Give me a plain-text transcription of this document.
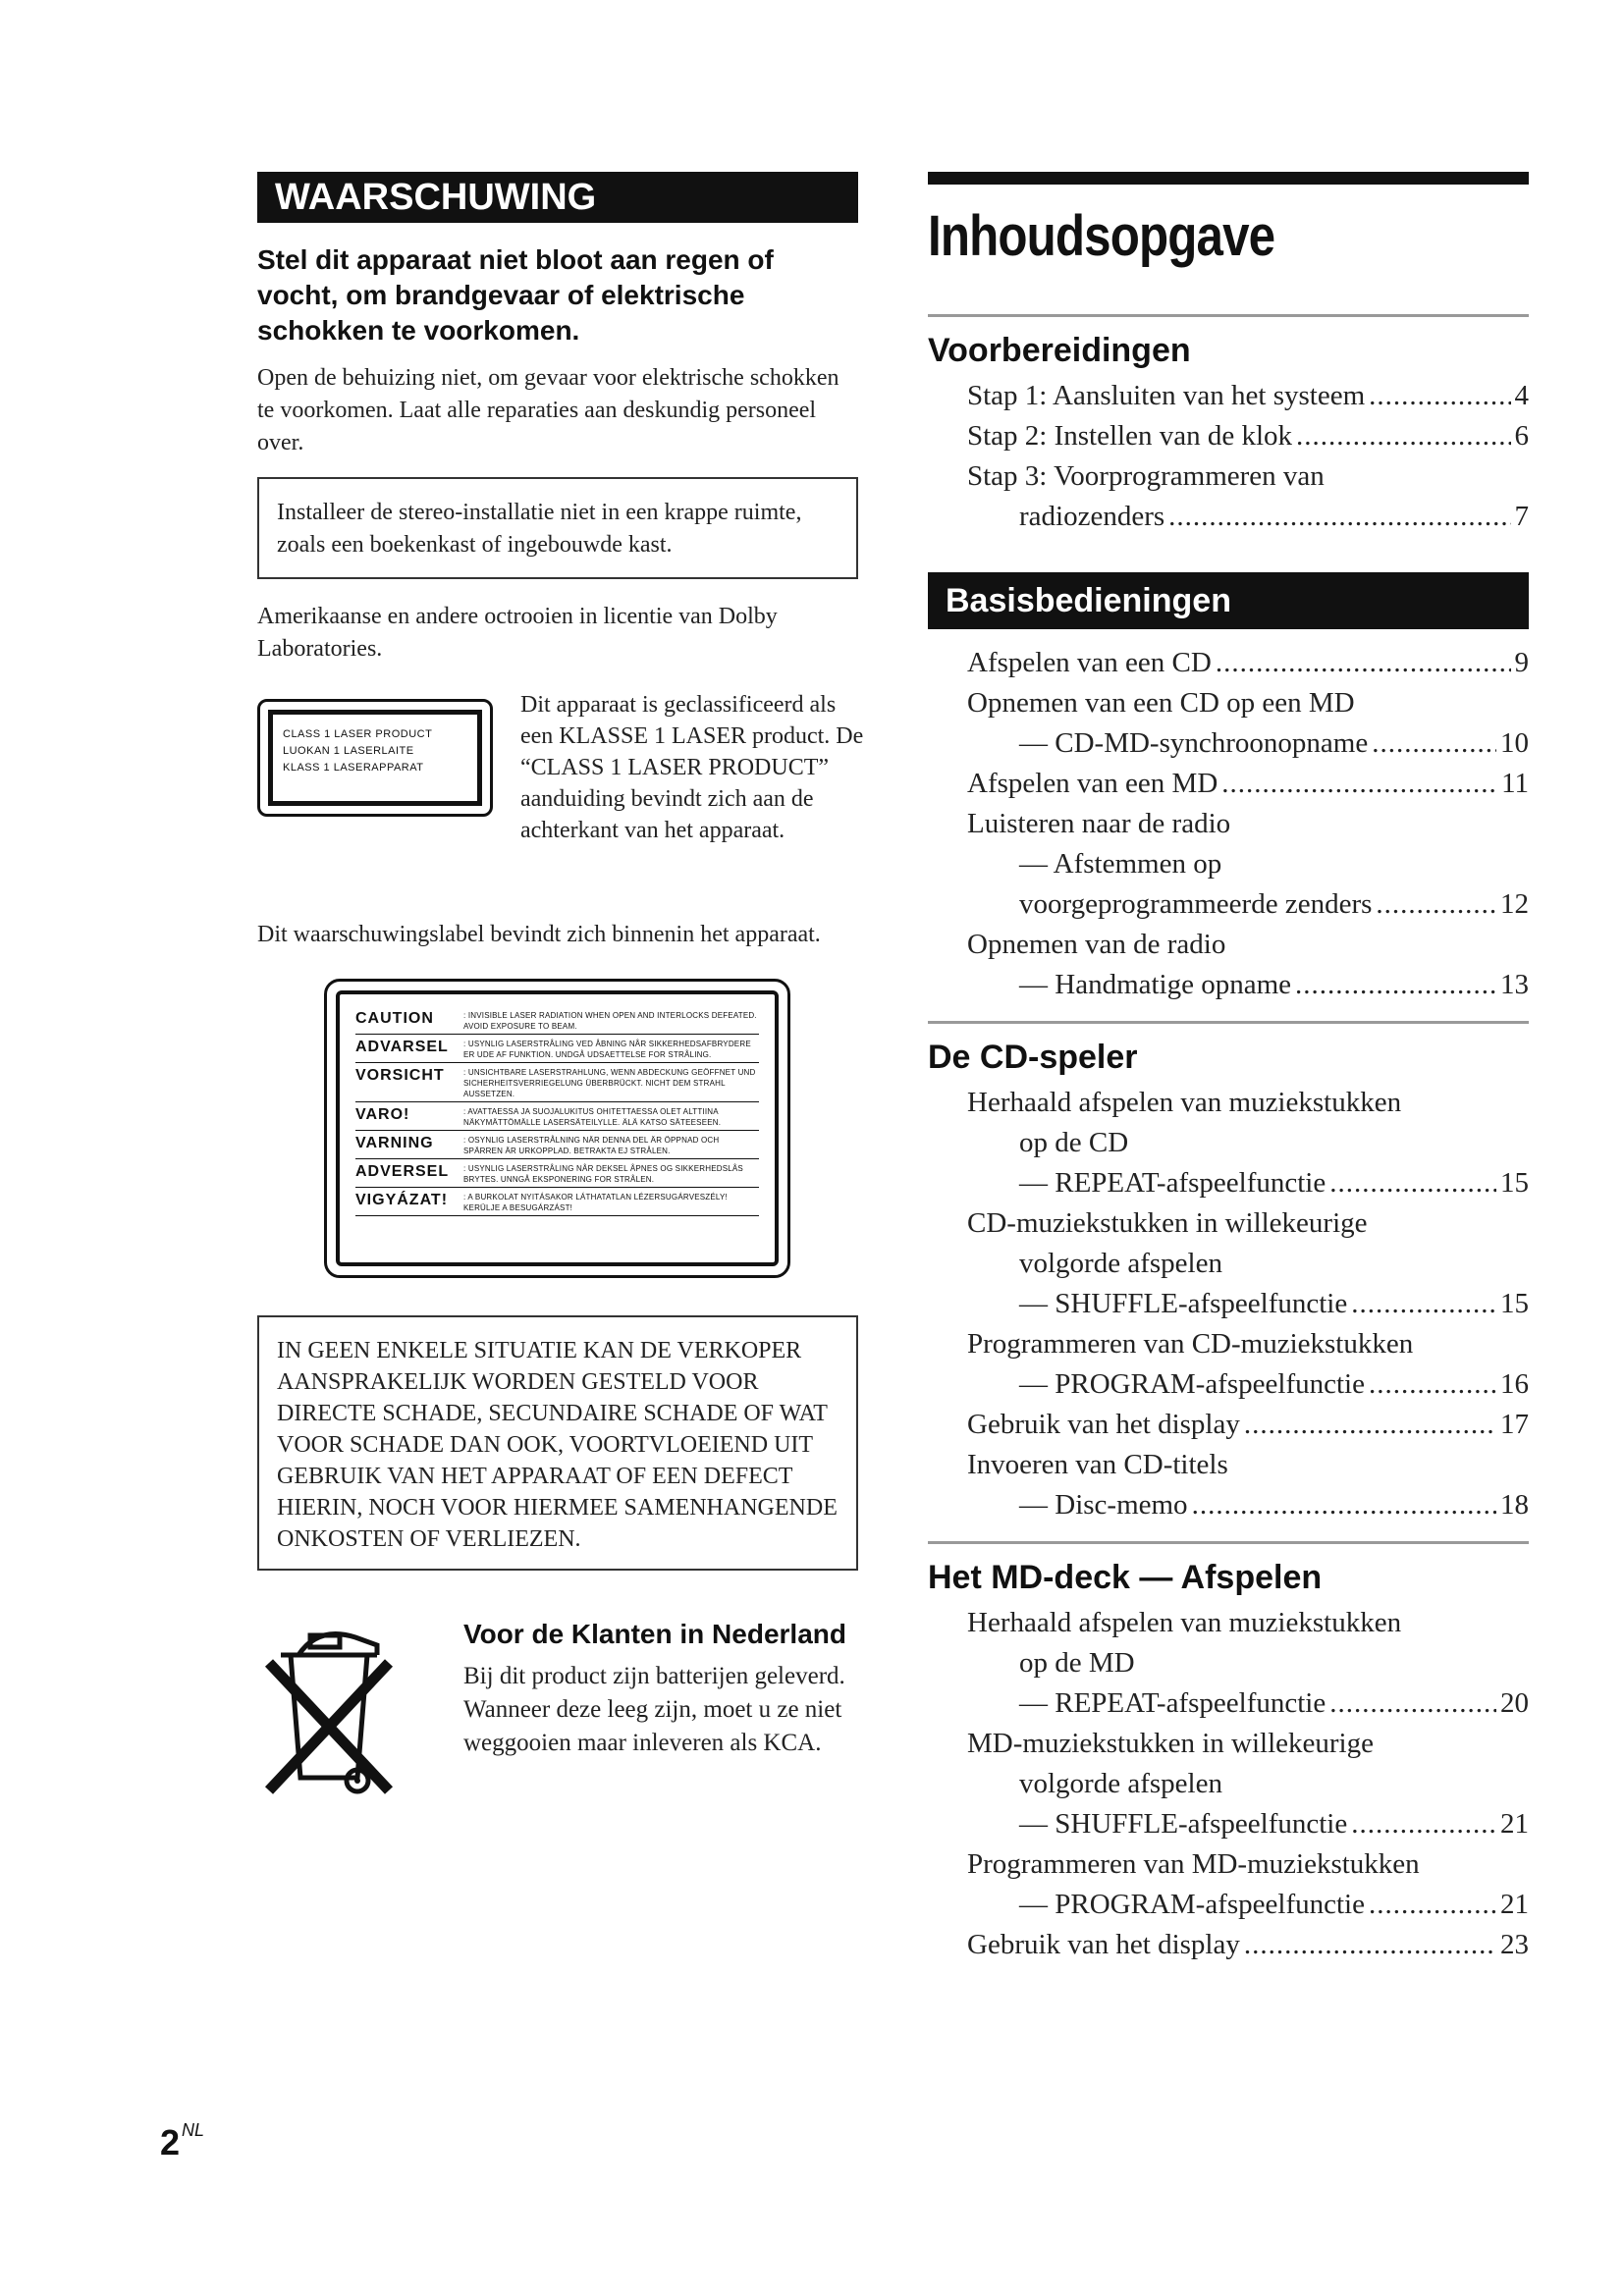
WAARSCHUWING
Stel dit apparaat niet bloot aan regen of vocht, om brandgevaar of elektrische schokken te voorkomen.

Open de behuizing niet, om gevaar voor elektrische schokken te voorkomen. Laat alle reparaties aan deskundig personeel over.

Installeer de stereo-installatie niet in een krappe ruimte, zoals een boekenkast of ingebouwde kast.

Amerikaanse en andere octrooien in licentie van Dolby Laboratories.

CLASS 1 LASER PRODUCT
LUOKAN 1 LASERLAITE
KLASS 1 LASERAPPARAT

Dit apparaat is geclassificeerd als een KLASSE 1 LASER product. De “CLASS 1 LASER PRODUCT” aanduiding bevindt zich aan de achterkant van het apparaat.

Dit waarschuwingslabel bevindt zich binnenin het apparaat.

CAUTION	: INVISIBLE LASER RADIATION WHEN OPEN AND INTERLOCKS DEFEATED. AVOID EXPOSURE TO BEAM.
ADVARSEL	: USYNLIG LASERSTRÅLING VED ÅBNING NÅR SIKKERHEDSAFBRYDERE ER UDE AF FUNKTION. UNDGÅ UDSAETTELSE FOR STRÅLING.
VORSICHT	: UNSICHTBARE LASERSTRAHLUNG, WENN ABDECKUNG GEÖFFNET UND SICHERHEITSVERRIEGELUNG ÜBERBRÜCKT. NICHT DEM STRAHL AUSSETZEN.
VARO!	: AVATTAESSA JA SUOJALUKITUS OHITETTAESSA OLET ALTTIINA NÄKYMÄTTÖMÄLLE LASERSÄTEILYLLE. ÄLÄ KATSO SÄTEESEEN.
VARNING	: OSYNLIG LASERSTRÅLNING NÄR DENNA DEL ÄR ÖPPNAD OCH SPÄRREN ÄR URKOPPLAD. BETRAKTA EJ STRÅLEN.
ADVERSEL	: USYNLIG LASERSTRÅLING NÅR DEKSEL ÅPNES OG SIKKERHEDSLÅS BRYTES. UNNGÅ EKSPONERING FOR STRÅLEN.
VIGYÁZAT!	: A BURKOLAT NYITÁSAKOR LÁTHATATLAN LÉZERSUGÁRVESZÉLY! KERÜLJE A BESUGÁRZÁST!

IN GEEN ENKELE SITUATIE KAN DE VERKOPER AANSPRAKELIJK WORDEN GESTELD VOOR DIRECTE SCHADE, SECUNDAIRE SCHADE OF WAT VOOR SCHADE DAN OOK, VOORTVLOEIEND UIT GEBRUIK VAN HET APPARAAT OF EEN DEFECT HIERIN, NOCH VOOR HIERMEE SAMENHANGENDE ONKOSTEN OF VERLIEZEN.

Voor de Klanten in Nederland

Bij dit product zijn batterijen geleverd. Wanneer deze leeg zijn, moet u ze niet weggooien maar inleveren als KCA.

2 $^{NL}$
Inhoudsopgave
Voorbereidingen
Stap 1: Aansluiten van het systeem .....	4
Stap 2: Instellen van de klok .....	6
Stap 3: Voorprogrammeren van
radiozenders .....	7
Basisbedieningen
Afspelen van een CD .....	9
Opnemen van een CD op een MD
— CD-MD-synchroonopname .....	10
Afspelen van een MD .....	11
Luisteren naar de radio
— Afstemmen op
voorgeprogrammeerde zenders .....	12
Opnemen van de radio
— Handmatige opname .....	13
De CD-speler
Herhaald afspelen van muziekstukken
op de CD
— REPEAT-afspeelfunctie .....	15
CD-muziekstukken in willekeurige
volgorde afspelen
— SHUFFLE-afspeelfunctie .....	15
Programmeren van CD-muziekstukken
— PROGRAM-afspeelfunctie .....	16
Gebruik van het display .....	17
Invoeren van CD-titels
— Disc-memo .....	18
Het MD-deck — Afspelen
Herhaald afspelen van muziekstukken
op de MD
— REPEAT-afspeelfunctie .....	20
MD-muziekstukken in willekeurige
volgorde afspelen
— SHUFFLE-afspeelfunctie .....	21
Programmeren van MD-muziekstukken
— PROGRAM-afspeelfunctie .....	21
Gebruik van het display .....	23
